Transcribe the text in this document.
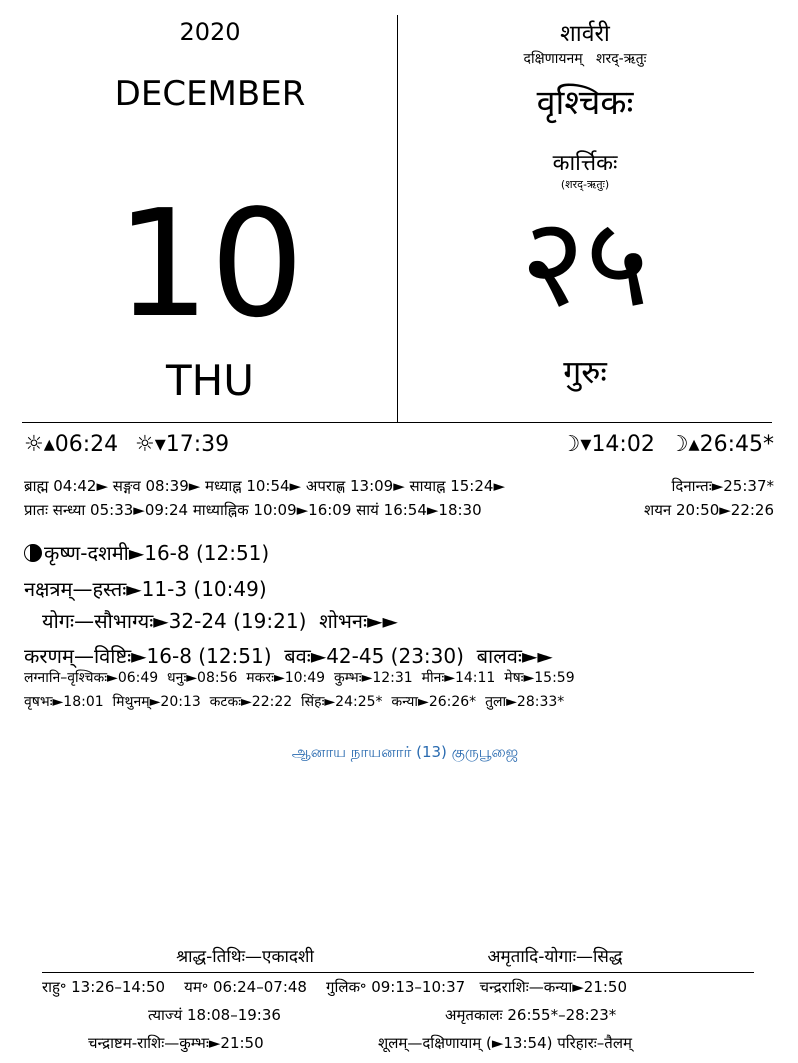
2020
DECEMBER
10
THU
शार्वरी
दक्षिणायनम्   शरद्-ऋतुः
वृश्चिकः
कार्त्तिकः
(शरद्-ऋतुः)
२५
गुरुः
☼▴06:24 ☼▾17:39	☽▾14:02  ☽▴26:45*
ब्राह्म 04:42► सङ्गव 08:39► मध्याह्न 10:54► अपराह्ण 13:09► सायाह्न 15:24►	दिनान्तः►25:37*
प्रातः सन्ध्या 05:33►09:24 माध्याह्निक 10:09►16:09 सायं 16:54►18:30	शयन 20:50►22:26
कृष्ण-दशमी►16-8 (12:51)
नक्षत्रम्—हस्तः►11-3 (10:49)
योगः—सौभाग्यः►32-24 (19:21)  शोभनः►►
करणम्—विष्टिः►16-8 (12:51)  बवः►42-45 (23:30)  बालवः►►
लग्नानि–वृश्चिकः►06:49  धनुः►08:56  मकरः►10:49  कुम्भः►12:31  मीनः►14:11  मेषः►15:59
वृषभः►18:01  मिथुनम्►20:13  कटकः►22:22  सिंहः►24:25*  कन्या►26:26*  तुला►28:33*
ஆனாய நாயனார் (13) குருபூஜை
श्राद्ध-तिथिः—एकादशी	अमृतादि-योगाः—सिद्ध
राहु॰ 13:26–14:50    यम॰ 06:24–07:48    गुलिक॰ 09:13–10:37   चन्द्रराशिः—कन्या►21:50
त्याज्यं 18:08–19:36	अमृतकालः 26:55*–28:23*
चन्द्राष्टम-राशिः—कुम्भः►21:50	शूलम्—दक्षिणायाम् (►13:54) परिहारः–तैलम्
